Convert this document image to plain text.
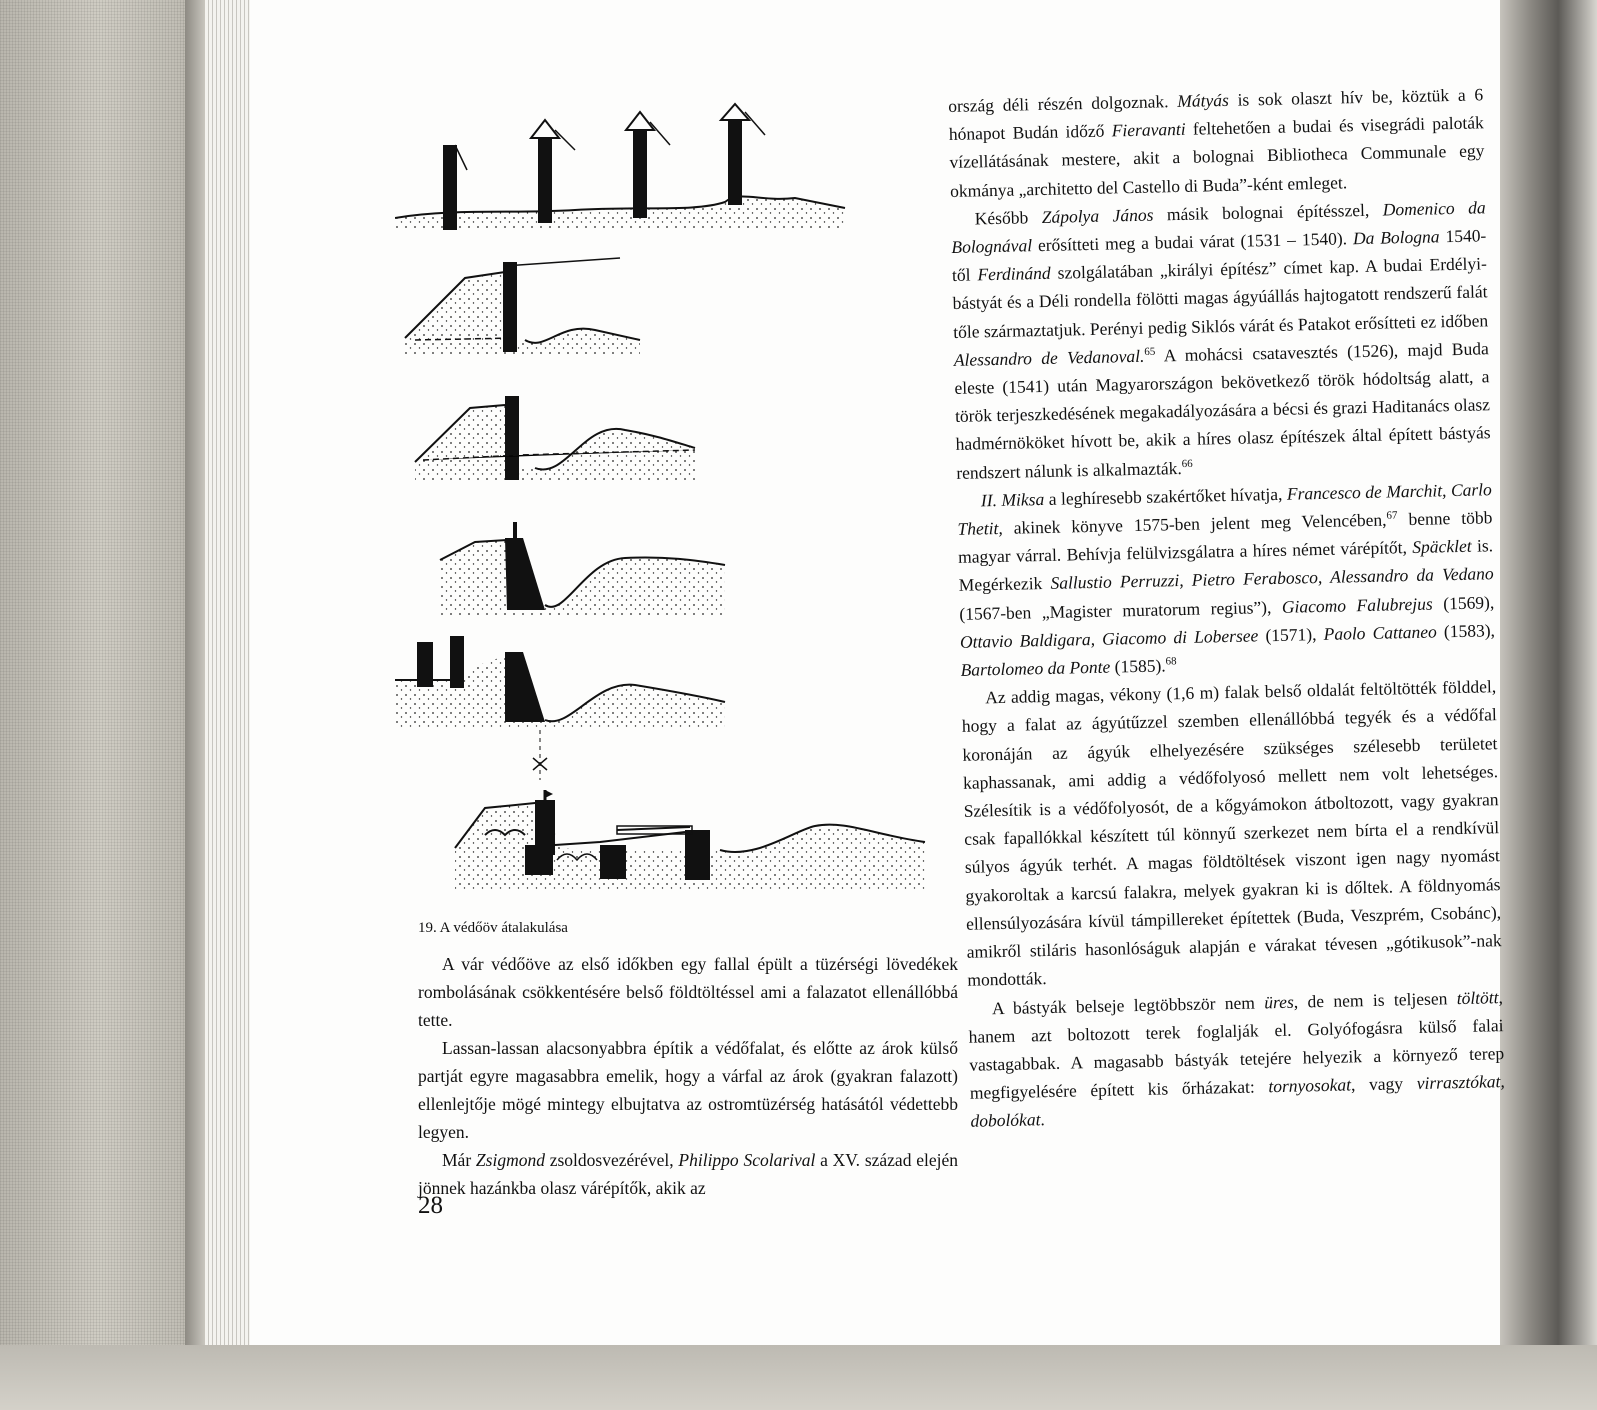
19. A védőöv átalakulása

A vár védőöve az első időkben egy fallal épült a tüzérségi lövedékek rombolásának csökkentésére belső földtöltéssel ami a falazatot ellenállóbbá tette.

Lassan-lassan alacsonyabbra építik a védőfalat, és előtte az árok külső partját egyre magasabbra emelik, hogy a várfal az árok (gyakran falazott) ellenlejtője mögé mintegy elbujtatva az ostromtüzérség hatásától védettebb legyen.

Már Zsigmond zsoldosvezérével, Philippo Scolarival a XV. század elején jönnek hazánkba olasz várépítők, akik az

28

ország déli részén dolgoznak. Mátyás is sok olaszt hív be, köztük a 6 hónapot Budán időző Fieravanti feltehetően a budai és visegrádi paloták vízellátásának mestere, akit a bolognai Bibliotheca Communale egy okmánya „architetto del Castello di Buda”-ként emleget.

Később Zápolya János másik bolognai építésszel, Domenico da Bolognával erősítteti meg a budai várat (1531 – 1540). Da Bologna 1540-től Ferdinánd szolgálatában „királyi építész” címet kap. A budai Erdélyi-bástyát és a Déli rondella fölötti magas ágyúállás hajtogatott rendszerű falát tőle származtatjuk. Perényi pedig Siklós várát és Patakot erősítteti ez időben Alessandro de Vedanoval.$^{65}$ A mohácsi csatavesztés (1526), majd Buda eleste (1541) után Magyarországon bekövetkező török hódoltság alatt, a török terjeszkedésének megakadályozására a bécsi és grazi Haditanács olasz hadmérnököket hívott be, akik a híres olasz építészek által épített bástyás rendszert nálunk is alkalmazták.$^{66}$

II. Miksa a leghíresebb szakértőket hívatja, Francesco de Marchit, Carlo Thetit, akinek könyve 1575-ben jelent meg Velencében,$^{67}$ benne több magyar várral. Behívja felülvizsgálatra a híres német várépítőt, Späcklet is. Megérkezik Sallustio Perruzzi, Pietro Ferabosco, Alessandro da Vedano (1567-ben „Magister muratorum regius”), Giacomo Falubrejus (1569), Ottavio Baldigara, Giacomo di Lobersee (1571), Paolo Cattaneo (1583), Bartolomeo da Ponte (1585).$^{68}$

Az addig magas, vékony (1,6 m) falak belső oldalát feltöltötték földdel, hogy a falat az ágyútűzzel szemben ellenállóbbá tegyék és a védőfal koronáján az ágyúk elhelyezésére szükséges szélesebb területet kaphassanak, ami addig a védőfolyosó mellett nem volt lehetséges. Szélesítik is a védőfolyosót, de a kőgyámokon átboltozott, vagy gyakran csak fapallókkal készített túl könnyű szerkezet nem bírta el a rendkívül súlyos ágyúk terhét. A magas földtöltések viszont igen nagy nyomást gyakoroltak a karcsú falakra, melyek gyakran ki is dőltek. A földnyomás ellensúlyozására kívül támpillereket építettek (Buda, Veszprém, Csobánc), amikről stiláris hasonlóságuk alapján e várakat tévesen „gótikusok”-nak mondották.

A bástyák belseje legtöbbször nem üres, de nem is teljesen töltött, hanem azt boltozott terek foglalják el. Golyófogásra külső falai vastagabbak. A magasabb bástyák tetejére helyezik a környező terep megfigyelésére épített kis őrházakat: tornyosokat, vagy virrasztókat, dobolókat.
